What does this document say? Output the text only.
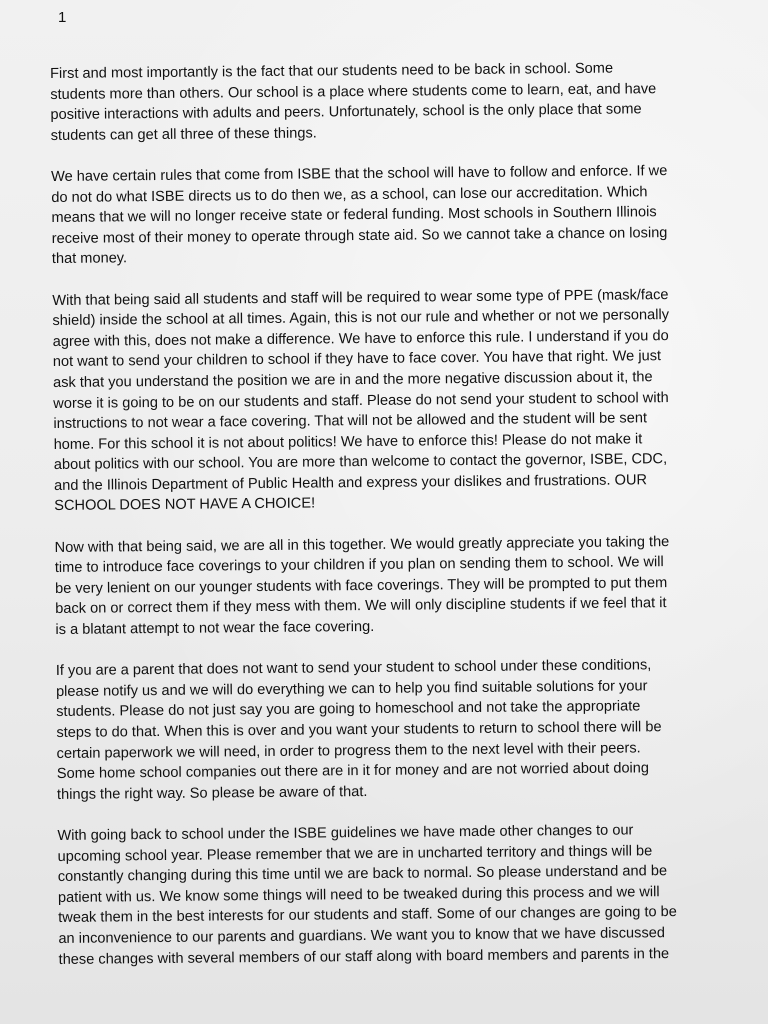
1

First and most importantly is the fact that our students need to be back in school. Some
students more than others. Our school is a place where students come to learn, eat, and have
positive interactions with adults and peers. Unfortunately, school is the only place that some
students can get all three of these things.

We have certain rules that come from ISBE that the school will have to follow and enforce. If we
do not do what ISBE directs us to do then we, as a school, can lose our accreditation. Which
means that we will no longer receive state or federal funding. Most schools in Southern Illinois
receive most of their money to operate through state aid. So we cannot take a chance on losing
that money.

With that being said all students and staff will be required to wear some type of PPE (mask/face
shield) inside the school at all times. Again, this is not our rule and whether or not we personally
agree with this, does not make a difference. We have to enforce this rule. I understand if you do
not want to send your children to school if they have to face cover. You have that right. We just
ask that you understand the position we are in and the more negative discussion about it, the
worse it is going to be on our students and staff. Please do not send your student to school with
instructions to not wear a face covering. That will not be allowed and the student will be sent
home. For this school it is not about politics! We have to enforce this! Please do not make it
about politics with our school. You are more than welcome to contact the governor, ISBE, CDC,
and the Illinois Department of Public Health and express your dislikes and frustrations. OUR
SCHOOL DOES NOT HAVE A CHOICE!

Now with that being said, we are all in this together. We would greatly appreciate you taking the
time to introduce face coverings to your children if you plan on sending them to school. We will
be very lenient on our younger students with face coverings. They will be prompted to put them
back on or correct them if they mess with them. We will only discipline students if we feel that it
is a blatant attempt to not wear the face covering.

If you are a parent that does not want to send your student to school under these conditions,
please notify us and we will do everything we can to help you find suitable solutions for your
students. Please do not just say you are going to homeschool and not take the appropriate
steps to do that. When this is over and you want your students to return to school there will be
certain paperwork we will need, in order to progress them to the next level with their peers.
Some home school companies out there are in it for money and are not worried about doing
things the right way. So please be aware of that.

With going back to school under the ISBE guidelines we have made other changes to our
upcoming school year. Please remember that we are in uncharted territory and things will be
constantly changing during this time until we are back to normal. So please understand and be
patient with us. We know some things will need to be tweaked during this process and we will
tweak them in the best interests for our students and staff. Some of our changes are going to be
an inconvenience to our parents and guardians. We want you to know that we have discussed
these changes with several members of our staff along with board members and parents in the
